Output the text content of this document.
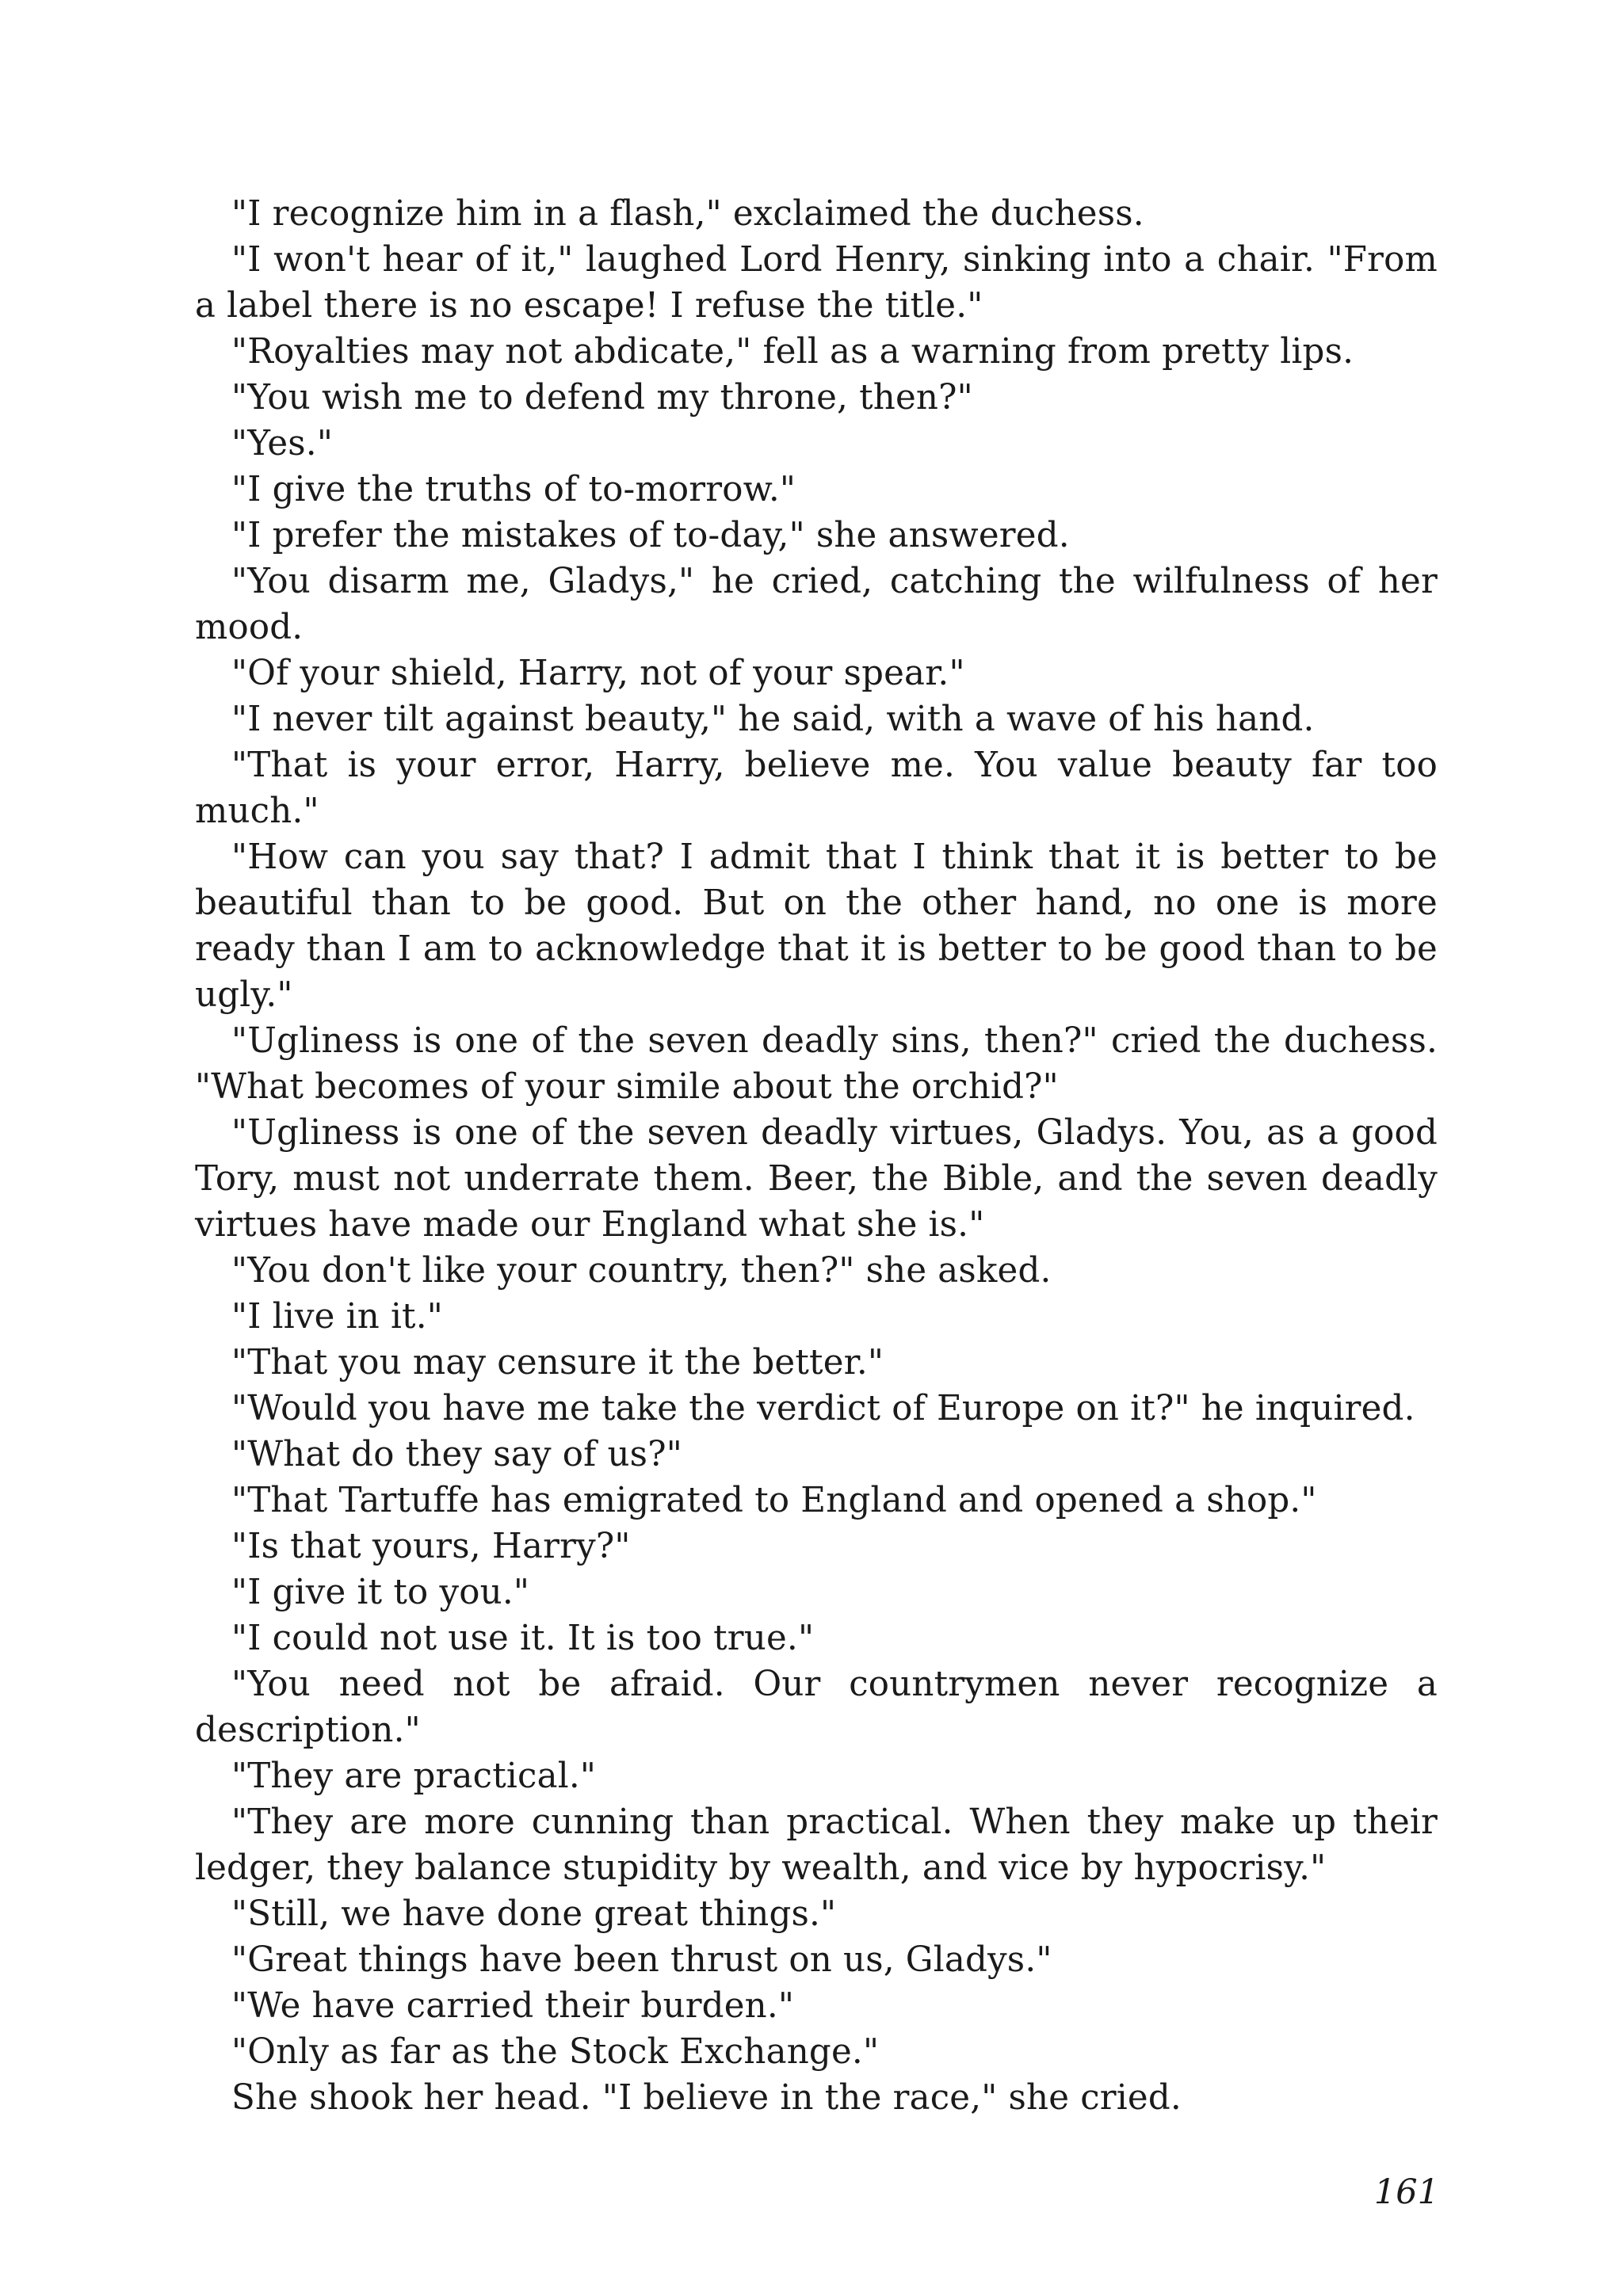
"I recognize him in a flash," exclaimed the duchess.

"I won't hear of it," laughed Lord Henry, sinking into a chair. "From a label there is no escape! I refuse the title."

"Royalties may not abdicate," fell as a warning from pretty lips.

"You wish me to defend my throne, then?"

"Yes."

"I give the truths of to-morrow."

"I prefer the mistakes of to-day," she answered.

"You disarm me, Gladys," he cried, catching the wilfulness of her mood.

"Of your shield, Harry, not of your spear."

"I never tilt against beauty," he said, with a wave of his hand.

"That is your error, Harry, believe me. You value beauty far too much."

"How can you say that? I admit that I think that it is better to be beautiful than to be good. But on the other hand, no one is more ready than I am to acknowledge that it is better to be good than to be ugly."

"Ugliness is one of the seven deadly sins, then?" cried the duchess. "What becomes of your simile about the orchid?"

"Ugliness is one of the seven deadly virtues, Gladys. You, as a good Tory, must not underrate them. Beer, the Bible, and the seven deadly virtues have made our England what she is."

"You don't like your country, then?" she asked.

"I live in it."

"That you may censure it the better."

"Would you have me take the verdict of Europe on it?" he inquired.

"What do they say of us?"

"That Tartuffe has emigrated to England and opened a shop."

"Is that yours, Harry?"

"I give it to you."

"I could not use it. It is too true."

"You need not be afraid. Our countrymen never recognize a description."

"They are practical."

"They are more cunning than practical. When they make up their ledger, they balance stupidity by wealth, and vice by hypocrisy."

"Still, we have done great things."

"Great things have been thrust on us, Gladys."

"We have carried their burden."

"Only as far as the Stock Exchange."

She shook her head. "I believe in the race," she cried.

161
